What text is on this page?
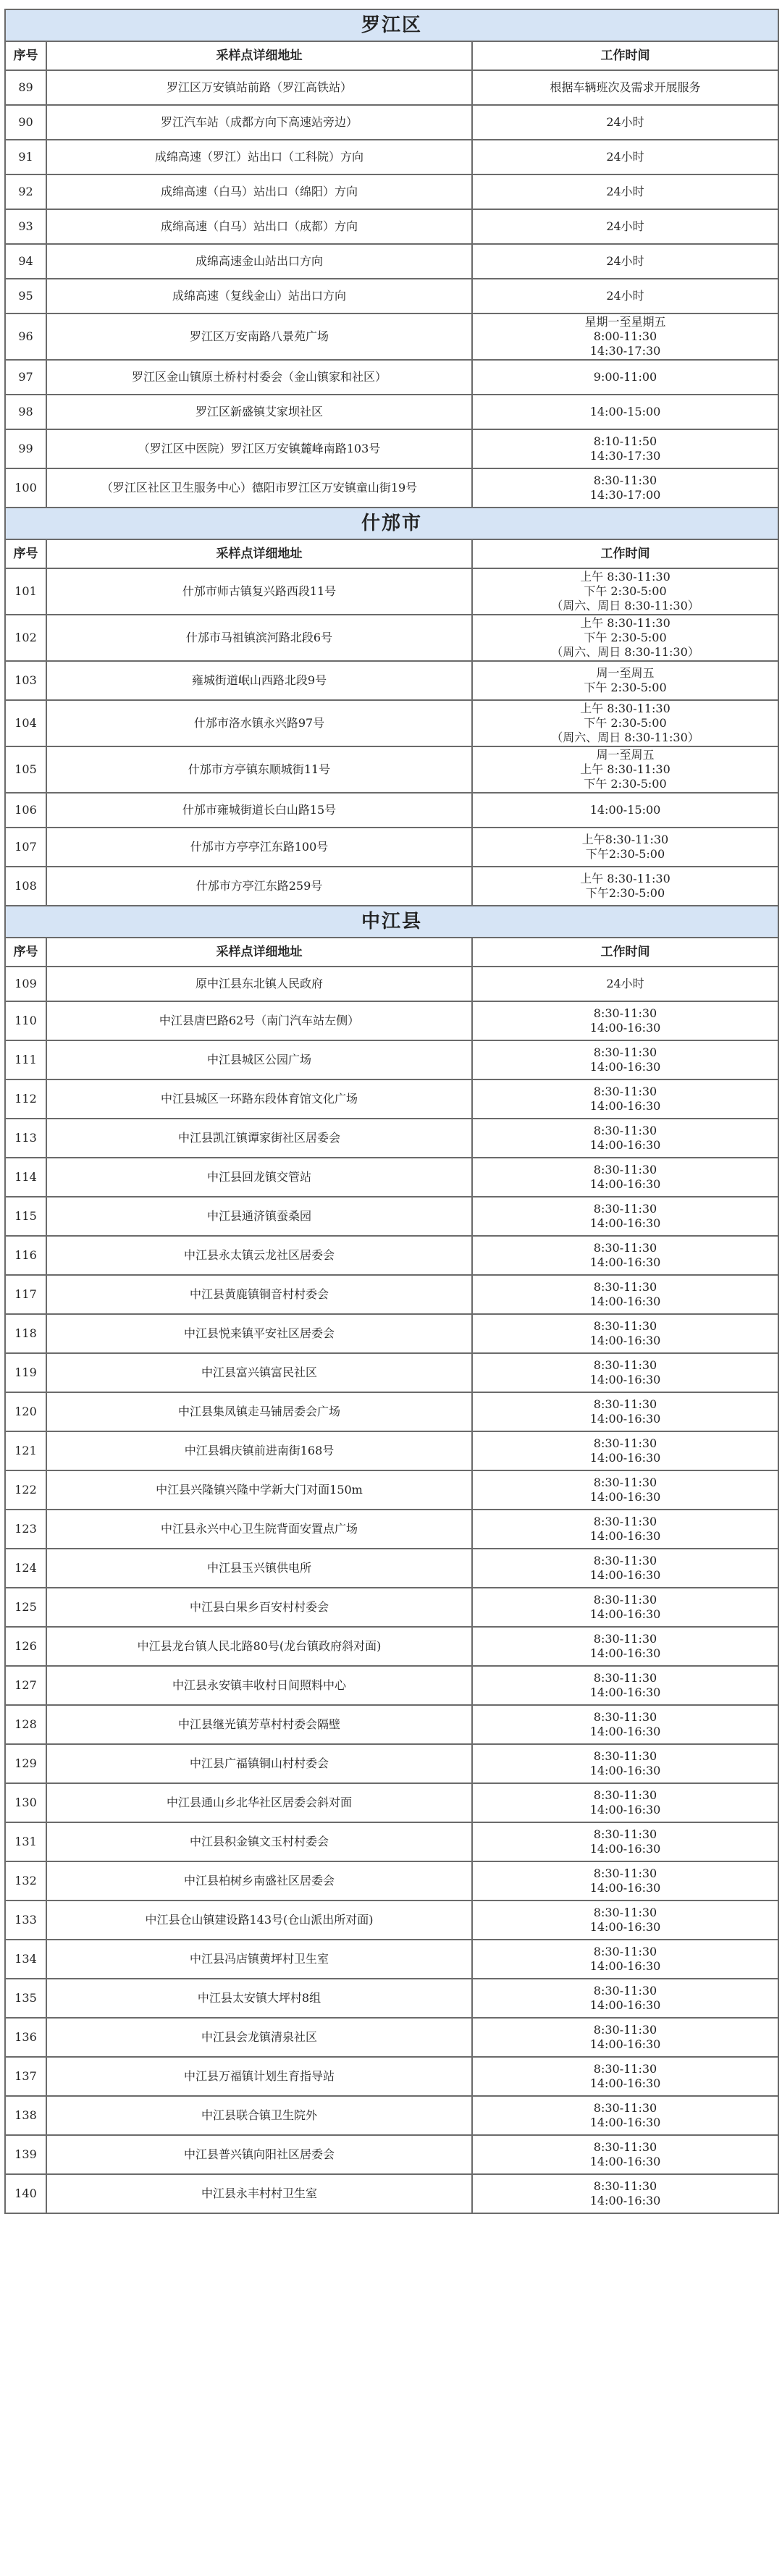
罗江区		
序号	采样点详细地址	工作时间
89	罗江区万安镇站前路（罗江高铁站）	根据车辆班次及需求开展服务
90	罗江汽车站（成都方向下高速站旁边）	24小时
91	成绵高速（罗江）站出口（工科院）方向	24小时
92	成绵高速（白马）站出口（绵阳）方向	24小时
93	成绵高速（白马）站出口（成都）方向	24小时
94	成绵高速金山站出口方向	24小时
95	成绵高速（复线金山）站出口方向	24小时
96	罗江区万安南路八景苑广场	星期一至星期五
8:00-11:30
14:30-17:30
97	罗江区金山镇原土桥村村委会（金山镇家和社区）	9:00-11:00
98	罗江区新盛镇艾家坝社区	14:00-15:00
99	（罗江区中医院）罗江区万安镇麓峰南路103号	8:10-11:50
14:30-17:30
100	（罗江区社区卫生服务中心）德阳市罗江区万安镇童山街19号	8:30-11:30
14:30-17:00
什邡市		
序号	采样点详细地址	工作时间
101	什邡市师古镇复兴路西段11号	上午 8:30-11:30
下午 2:30-5:00
（周六、周日 8:30-11:30）
102	什邡市马祖镇滨河路北段6号	上午 8:30-11:30
下午 2:30-5:00
（周六、周日 8:30-11:30）
103	雍城街道岷山西路北段9号	周一至周五
下午 2:30-5:00
104	什邡市洛水镇永兴路97号	上午 8:30-11:30
下午 2:30-5:00
（周六、周日 8:30-11:30）
105	什邡市方亭镇东顺城街11号	周一至周五
上午 8:30-11:30
下午 2:30-5:00
106	什邡市雍城街道长白山路15号	14:00-15:00
107	什邡市方亭亭江东路100号	上午8:30-11:30
下午2:30-5:00
108	什邡市方亭江东路259号	上午 8:30-11:30
下午2:30-5:00
中江县		
序号	采样点详细地址	工作时间
109	原中江县东北镇人民政府	24小时
110	中江县唐巴路62号（南门汽车站左侧）	8:30-11:30
14:00-16:30
111	中江县城区公园广场	8:30-11:30
14:00-16:30
112	中江县城区一环路东段体育馆文化广场	8:30-11:30
14:00-16:30
113	中江县凯江镇谭家街社区居委会	8:30-11:30
14:00-16:30
114	中江县回龙镇交管站	8:30-11:30
14:00-16:30
115	中江县通济镇蚕桑园	8:30-11:30
14:00-16:30
116	中江县永太镇云龙社区居委会	8:30-11:30
14:00-16:30
117	中江县黄鹿镇铜音村村委会	8:30-11:30
14:00-16:30
118	中江县悦来镇平安社区居委会	8:30-11:30
14:00-16:30
119	中江县富兴镇富民社区	8:30-11:30
14:00-16:30
120	中江县集凤镇走马铺居委会广场	8:30-11:30
14:00-16:30
121	中江县辑庆镇前进南街168号	8:30-11:30
14:00-16:30
122	中江县兴隆镇兴隆中学新大门对面150m	8:30-11:30
14:00-16:30
123	中江县永兴中心卫生院背面安置点广场	8:30-11:30
14:00-16:30
124	中江县玉兴镇供电所	8:30-11:30
14:00-16:30
125	中江县白果乡百安村村委会	8:30-11:30
14:00-16:30
126	中江县龙台镇人民北路80号(龙台镇政府斜对面)	8:30-11:30
14:00-16:30
127	中江县永安镇丰收村日间照料中心	8:30-11:30
14:00-16:30
128	中江县继光镇芳草村村委会隔壁	8:30-11:30
14:00-16:30
129	中江县广福镇铜山村村委会	8:30-11:30
14:00-16:30
130	中江县通山乡北华社区居委会斜对面	8:30-11:30
14:00-16:30
131	中江县积金镇文玉村村委会	8:30-11:30
14:00-16:30
132	中江县柏树乡南盛社区居委会	8:30-11:30
14:00-16:30
133	中江县仓山镇建设路143号(仓山派出所对面)	8:30-11:30
14:00-16:30
134	中江县冯店镇黄坪村卫生室	8:30-11:30
14:00-16:30
135	中江县太安镇大坪村8组	8:30-11:30
14:00-16:30
136	中江县会龙镇清泉社区	8:30-11:30
14:00-16:30
137	中江县万福镇计划生育指导站	8:30-11:30
14:00-16:30
138	中江县联合镇卫生院外	8:30-11:30
14:00-16:30
139	中江县普兴镇向阳社区居委会	8:30-11:30
14:00-16:30
140	中江县永丰村村卫生室	8:30-11:30
14:00-16:30
